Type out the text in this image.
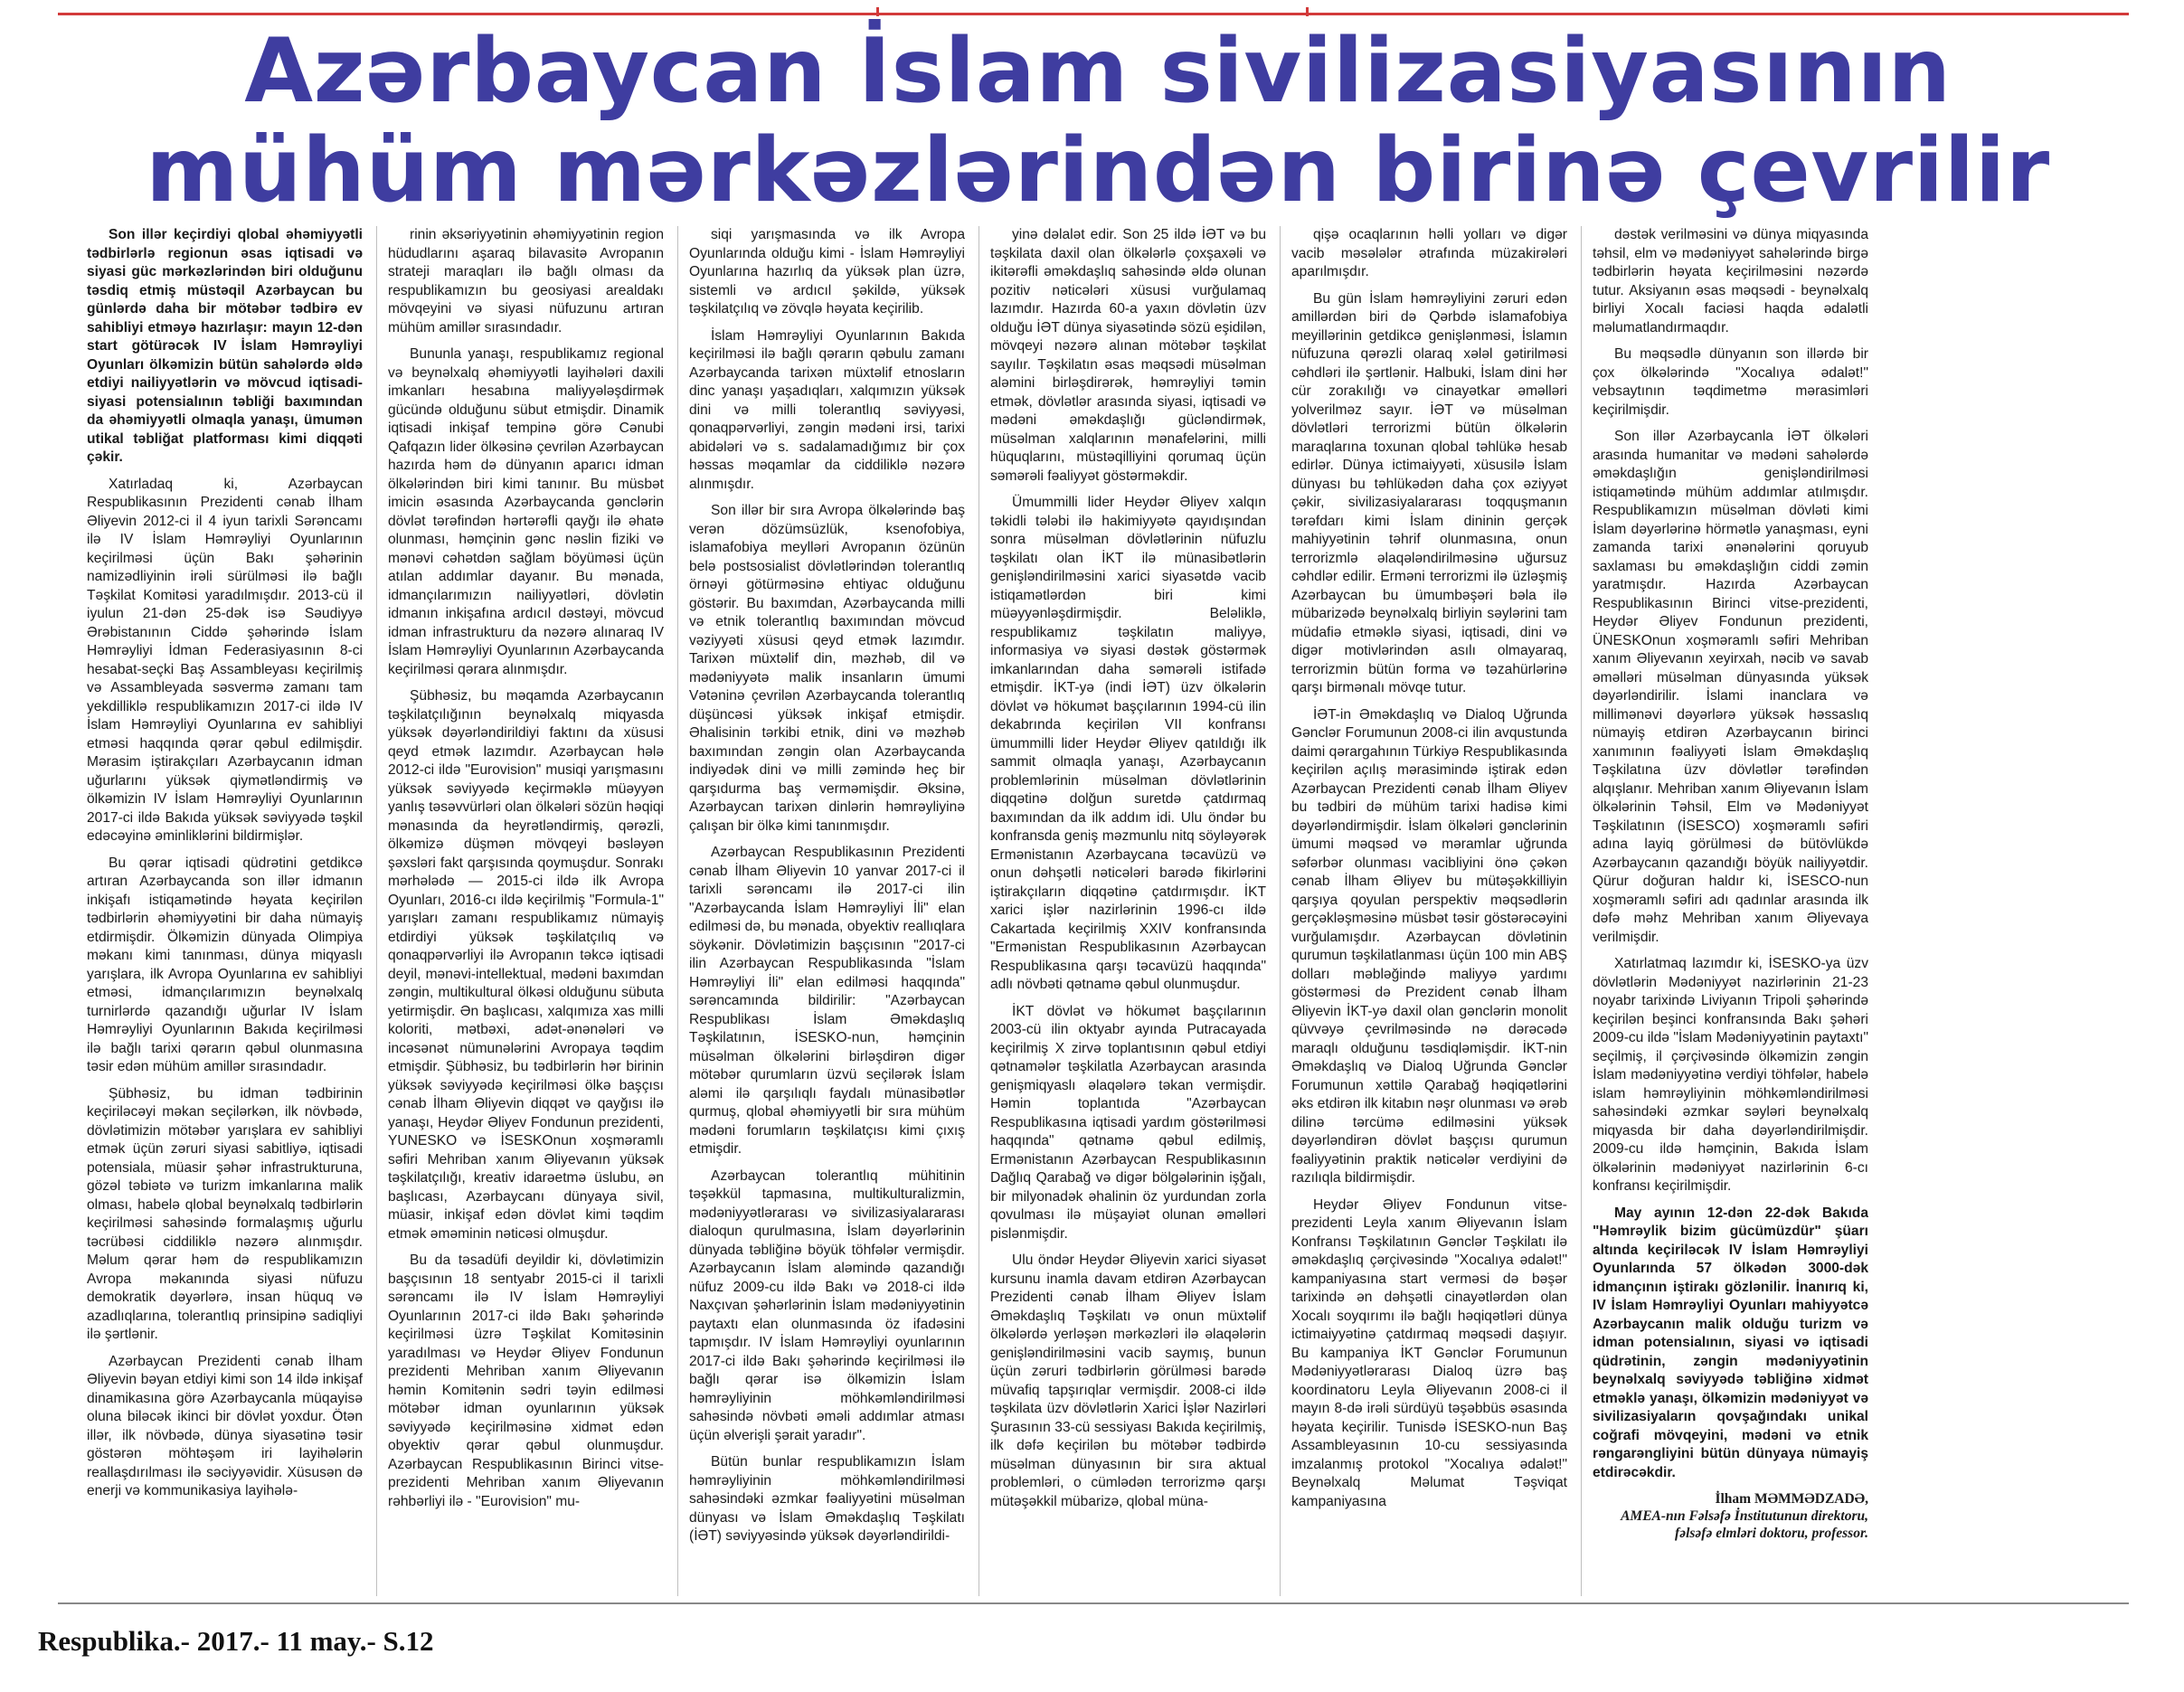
Azərbaycan İslam sivilizasiyasının
mühüm mərkəzlərindən birinə çevrilir

Son illər keçirdiyi qlobal əhəmiyyətli tədbirlərlə regionun əsas iqtisadi və siyasi güc mərkəzlərindən biri olduğunu təsdiq etmiş müstəqil Azərbaycan bu günlərdə daha bir mötəbər tədbirə ev sahibliyi etməyə hazırlaşır: mayın 12-dən start götürəcək IV İslam Həmrəyliyi Oyunları ölkəmizin bütün sahələrdə əldə etdiyi nailiyyətlərin və mövcud iqtisadi-siyasi potensialının təbliği baxımından da əhəmiyyətli olmaqla yanaşı, ümumən utikal təbliğat platforması kimi diqqəti çəkir.

Xatırladaq ki, Azərbaycan Respublikasının Prezidenti cənab İlham Əliyevin 2012-ci il 4 iyun tarixli Sərəncamı ilə IV İslam Həmrəyliyi Oyunlarının keçirilməsi üçün Bakı şəhərinin namizədliyinin irəli sürülməsi ilə bağlı Təşkilat Komitəsi yaradılmışdır. 2013-cü il iyulun 21-dən 25-dək isə Səudiyyə Ərəbistanının Ciddə şəhərində İslam Həmrəyliyi İdman Federasiyasının 8-ci hesabat-seçki Baş Assambleyası keçirilmiş və Assambleyada səsvermə zamanı tam yekdilliklə respublikamızın 2017-ci ildə IV İslam Həmrəyliyi Oyunlarına ev sahibliyi etməsi haqqında qərar qəbul edilmişdir. Mərasim iştirakçıları Azərbaycanın idman uğurlarını yüksək qiymətləndirmiş və ölkəmizin IV İslam Həmrəyliyi Oyunlarının 2017-ci ildə Bakıda yüksək səviyyədə təşkil edəcəyinə əminliklərini bildirmişlər.

Bu qərar iqtisadi qüdrətini getdikcə artıran Azərbaycanda son illər idmanın inkişafı istiqamətində həyata keçirilən tədbirlərin əhəmiyyətini bir daha nümayiş etdirmişdir. Ölkəmizin dünyada Olimpiya məkanı kimi tanınması, dünya miqyaslı yarışlara, ilk Avropa Oyunlarına ev sahibliyi etməsi, idmançılarımızın beynəlxalq turnirlərdə qazandığı uğurlar IV İslam Həmrəyliyi Oyunlarının Bakıda keçirilməsi ilə bağlı tarixi qərarın qəbul olunmasına təsir edən mühüm amillər sırasındadır.

Şübhəsiz, bu idman tədbirinin keçiriləcəyi məkan seçilərkən, ilk növbədə, dövlətimizin mötəbər yarışlara ev sahibliyi etmək üçün zəruri siyasi sabitliyə, iqtisadi potensiala, müasir şəhər infrastrukturuna, gözəl təbiətə və turizm imkanlarına malik olması, habelə qlobal beynəlxalq tədbirlərin keçirilməsi sahəsində formalaşmış uğurlu təcrübəsi ciddiliklə nəzərə alınmışdır. Məlum qərar həm də respublikamızın Avropa məkanında siyasi nüfuzu demokratik dəyərlərə, insan hüquq və azadlıqlarına, tolerantlıq prinsipinə sadiqliyi ilə şərtlənir.

Azərbaycan Prezidenti cənab İlham Əliyevin bəyan etdiyi kimi son 14 ildə inkişaf dinamikasına görə Azərbaycanla müqayisə oluna biləcək ikinci bir dövlət yoxdur. Ötən illər, ilk növbədə, dünya siyasətinə təsir göstərən möhtəşəm iri layihələrin reallaşdırılması ilə səciyyəvidir. Xüsusən də enerji və kommunikasiya layihələ-

rinin əksəriyyətinin əhəmiyyətinin region hüdudlarını aşaraq bilavasitə Avropanın strateji maraqları ilə bağlı olması da respublikamızın bu geosiyasi arealdakı mövqeyini və siyasi nüfuzunu artıran mühüm amillər sırasındadır.

Bununla yanaşı, respublikamız regional və beynəlxalq əhəmiyyətli layihələri daxili imkanları hesabına maliyyələşdirmək gücündə olduğunu sübut etmişdir. Dinamik iqtisadi inkişaf tempinə görə Cənubi Qafqazın lider ölkəsinə çevrilən Azərbaycan hazırda həm də dünyanın aparıcı idman ölkələrindən biri kimi tanınır. Bu müsbət imicin əsasında Azərbaycanda gənclərin dövlət tərəfindən hərtərəfli qayğı ilə əhatə olunması, həmçinin gənc nəslin fiziki və mənəvi cəhətdən sağlam böyüməsi üçün atılan addımlar dayanır. Bu mənada, idmançılarımızın nailiyyətləri, dövlətin idmanın inkişafına ardıcıl dəstəyi, mövcud idman infrastrukturu da nəzərə alınaraq IV İslam Həmrəyliyi Oyunlarının Azərbaycanda keçirilməsi qərara alınmışdır.

Şübhəsiz, bu məqamda Azərbaycanın təşkilatçılığının beynəlxalq miqyasda yüksək dəyərləndirildiyi faktını da xüsusi qeyd etmək lazımdır. Azərbaycan hələ 2012-ci ildə "Eurovision" musiqi yarışmasını yüksək səviyyədə keçirməklə müəyyən yanlış təsəvvürləri olan ölkələri sözün həqiqi mənasında da heyrətləndirmiş, qərəzli, ölkəmizə düşmən mövqeyi bəsləyən şəxsləri fakt qarşısında qoymuşdur. Sonrakı mərhələdə — 2015-ci ildə ilk Avropa Oyunları, 2016-cı ildə keçirilmiş "Formula-1" yarışları zamanı respublikamız nümayiş etdirdiyi yüksək təşkilatçılıq və qonaqpərvərliyi ilə Avropanın təkcə iqtisadi deyil, mənəvi-intellektual, mədəni baxımdan zəngin, multikultural ölkəsi olduğunu sübuta yetirmişdir. Ən başlıcası, xalqımıza xas milli koloriti, mətbəxi, adət-ənənələri və incəsənət nümunələrini Avropaya təqdim etmişdir. Şübhəsiz, bu tədbirlərin hər birinin yüksək səviyyədə keçirilməsi ölkə başçısı cənab İlham Əliyevin diqqət və qayğısı ilə yanaşı, Heydər Əliyev Fondunun prezidenti, YUNESKO və İSESKOnun xoşməramlı səfiri Mehriban xanım Əliyevanın yüksək təşkilatçılığı, kreativ idarəetmə üslubu, ən başlıcası, Azərbaycanı dünyaya sivil, müasir, inkişaf edən dövlət kimi təqdim etmək əməminin nəticəsi olmuşdur.

Bu da təsadüfi deyildir ki, dövlətimizin başçısının 18 sentyabr 2015-ci il tarixli sərəncamı ilə IV İslam Həmrəyliyi Oyunlarının 2017-ci ildə Bakı şəhərində keçirilməsi üzrə Təşkilat Komitəsinin yaradılması və Heydər Əliyev Fondunun prezidenti Mehriban xanım Əliyevanın həmin Komitənin sədri təyin edilməsi mötəbər idman oyunlarının yüksək səviyyədə keçirilməsinə xidmət edən obyektiv qərar qəbul olunmuşdur. Azərbaycan Respublikasının Birinci vitse-prezidenti Mehriban xanım Əliyevanın rəhbərliyi ilə - "Eurovision" mu-

siqi yarışmasında və ilk Avropa Oyunlarında olduğu kimi - İslam Həmrəyliyi Oyunlarına hazırlıq da yüksək plan üzrə, sistemli və ardıcıl şəkildə, yüksək təşkilatçılıq və zövqlə həyata keçirilib.

İslam Həmrəyliyi Oyunlarının Bakıda keçirilməsi ilə bağlı qərarın qəbulu zamanı Azərbaycanda tarixən müxtəlif etnosların dinc yanaşı yaşadıqları, xalqımızın yüksək dini və milli tolerantlıq səviyyəsi, qonaqpərvərliyi, zəngin mədəni irsi, tarixi abidələri və s. sadalamadığımız bir çox həssas məqamlar da ciddiliklə nəzərə alınmışdır.

Son illər bir sıra Avropa ölkələrində baş verən dözümsüzlük, ksenofobiya, islamafobiya meylləri Avropanın özünün belə postsosialist dövlətlərindən tolerantlıq örnəyi götürməsinə ehtiyac olduğunu göstərir. Bu baxımdan, Azərbaycanda milli və etnik tolerantlıq baxımından mövcud vəziyyəti xüsusi qeyd etmək lazımdır. Tarixən müxtəlif din, məzhəb, dil və mədəniyyətə malik insanların ümumi Vətəninə çevrilən Azərbaycanda tolerantlıq düşüncəsi yüksək inkişaf etmişdir. Əhalisinin tərkibi etnik, dini və məzhəb baxımından zəngin olan Azərbaycanda indiyədək dini və milli zəmində heç bir qarşıdurma baş verməmişdir. Əksinə, Azərbaycan tarixən dinlərin həmrəyliyinə çalışan bir ölkə kimi tanınmışdır.

Azərbaycan Respublikasının Prezidenti cənab İlham Əliyevin 10 yanvar 2017-ci il tarixli sərəncamı ilə 2017-ci ilin "Azərbaycanda İslam Həmrəyliyi İli" elan edilməsi də, bu mənada, obyektiv reallıqlara söykənir. Dövlətimizin başçısının "2017-ci ilin Azərbaycan Respublikasında "İslam Həmrəyliyi İli" elan edilməsi haqqında" sərəncamında bildirilir: "Azərbaycan Respublikası İslam Əməkdaşlıq Təşkilatının, İSESKO-nun, həmçinin müsəlman ölkələrini birləşdirən digər mötəbər qurumların üzvü seçilərək İslam aləmi ilə qarşılıqlı faydalı münasibətlər qurmuş, qlobal əhəmiyyətli bir sıra mühüm mədəni forumların təşkilatçısı kimi çıxış etmişdir.

Azərbaycan tolerantlıq mühitinin təşəkkül tapmasına, multikulturalizmin, mədəniyyətlərarası və sivilizasiyalararası dialoqun qurulmasına, İslam dəyərlərinin dünyada təbliğinə böyük töhfələr vermişdir. Azərbaycanın İslam aləmində qazandığı nüfuz 2009-cu ildə Bakı və 2018-ci ildə Naxçıvan şəhərlərinin İslam mədəniyyətinin paytaxtı elan olunmasında öz ifadəsini tapmışdır. IV İslam Həmrəyliyi oyunlarının 2017-ci ildə Bakı şəhərində keçirilməsi ilə bağlı qərar isə ölkəmizin İslam həmrəyliyinin möhkəmləndirilməsi sahəsində növbəti əməli addımlar atması üçün əlverişli şərait yaradır".

Bütün bunlar respublikamızın İslam həmrəyliyinin möhkəmləndirilməsi sahəsindəki əzmkar fəaliyyətini müsəlman dünyası və İslam Əməkdaşlıq Təşkilatı (İƏT) səviyyəsində yüksək dəyərləndirildi-

yinə dəlalət edir. Son 25 ildə İƏT və bu təşkilata daxil olan ölkələrlə çoxşaxəli və ikitərəfli əməkdaşlıq sahəsində əldə olunan pozitiv nəticələri xüsusi vurğulamaq lazımdır. Hazırda 60-a yaxın dövlətin üzv olduğu İƏT dünya siyasətində sözü eşidilən, mövqeyi nəzərə alınan mötəbər təşkilat sayılır. Təşkilatın əsas məqsədi müsəlman aləmini birləşdirərək, həmrəyliyi təmin etmək, dövlətlər arasında siyasi, iqtisadi və mədəni əməkdaşlığı gücləndirmək, müsəlman xalqlarının mənafelərini, milli hüquqlarını, müstəqilliyini qorumaq üçün səmərəli fəaliyyət göstərməkdir.

Ümummilli lider Heydər Əliyev xalqın təkidli tələbi ilə hakimiyyətə qayıdışından sonra müsəlman dövlətlərinin nüfuzlu təşkilatı olan İKT ilə münasibətlərin genişləndirilməsini xarici siyasətdə vacib istiqamətlərdən biri kimi müəyyənləşdirmişdir. Beləliklə, respublikamız təşkilatın maliyyə, informasiya və siyasi dəstək göstərmək imkanlarından daha səmərəli istifadə etmişdir. İKT-yə (indi İƏT) üzv ölkələrin dövlət və hökumət başçılarının 1994-cü ilin dekabrında keçirilən VII konfransı ümummilli lider Heydər Əliyev qatıldığı ilk sammit olmaqla yanaşı, Azərbaycanın problemlərinin müsəlman dövlətlərinin diqqətinə dolğun suretdə çatdırmaq baxımından da ilk addım idi. Ulu öndər bu konfransda geniş məzmunlu nitq söyləyərək Ermənistanın Azərbaycana təcavüzü və onun dəhşətli nəticələri barədə fikirlərini iştirakçıların diqqətinə çatdırmışdır. İKT xarici işlər nazirlərinin 1996-cı ildə Cakartada keçirilmiş XXIV konfransında "Ermənistan Respublikasının Azərbaycan Respublikasına qarşı təcavüzü haqqında" adlı növbəti qətnamə qəbul olunmuşdur.

İKT dövlət və hökumət başçılarının 2003-cü ilin oktyabr ayında Putracayada keçirilmiş X zirvə toplantısının qəbul etdiyi qətnamələr təşkilatla Azərbaycan arasında genişmiqyaslı əlaqələrə təkan vermişdir. Həmin toplantıda "Azərbaycan Respublikasına iqtisadi yardım göstərilməsi haqqında" qətnamə qəbul edilmiş, Ermənistanın Azərbaycan Respublikasının Dağlıq Qarabağ və digər bölgələrinin işğalı, bir milyonadək əhalinin öz yurdundan zorla qovulması ilə müşayiət olunan əməlləri pislənmişdir.

Ulu öndər Heydər Əliyevin xarici siyasət kursunu inamla davam etdirən Azərbaycan Prezidenti cənab İlham Əliyev İslam Əməkdaşlıq Təşkilatı və onun müxtəlif ölkələrdə yerləşən mərkəzləri ilə əlaqələrin genişləndirilməsini vacib saymış, bunun üçün zəruri tədbirlərin görülməsi barədə müvafiq tapşırıqlar vermişdir. 2008-ci ildə təşkilata üzv dövlətlərin Xarici İşlər Nazirləri Şurasının 33-cü sessiyası Bakıda keçirilmiş, ilk dəfə keçirilən bu mötəbər tədbirdə müsəlman dünyasının bir sıra aktual problemləri, o cümlədən terrorizmə qarşı mütəşəkkil mübarizə, qlobal müna-

qişə ocaqlarının həlli yolları və digər vacib məsələlər ətrafında müzakirələri aparılmışdır.

Bu gün İslam həmrəyliyini zəruri edən amillərdən biri də Qərbdə islamafobiya meyillərinin getdikcə genişlənməsi, İslamın nüfuzuna qərəzli olaraq xələl gətirilməsi cəhdləri ilə şərtlənir. Halbuki, İslam dini hər cür zorakılığı və cinayətkar əməlləri yolverilməz sayır. İƏT və müsəlman dövlətləri terrorizmi bütün ölkələrin maraqlarına toxunan qlobal təhlükə hesab edirlər. Dünya ictimaiyyəti, xüsusilə İslam dünyası bu təhlükədən daha çox əziyyət çəkir, sivilizasiyalararası toqquşmanın tərəfdarı kimi İslam dininin gerçək mahiyyətinin təhrif olunmasına, onun terrorizmlə əlaqələndirilməsinə uğursuz cəhdlər edilir. Erməni terrorizmi ilə üzləşmiş Azərbaycan bu ümumbəşəri bəla ilə mübarizədə beynəlxalq birliyin səylərini tam müdafiə etməklə siyasi, iqtisadi, dini və digər motivlərindən asılı olmayaraq, terrorizmin bütün forma və təzahürlərinə qarşı birmənalı mövqe tutur.

İƏT-in Əməkdaşlıq və Dialoq Uğrunda Gənclər Forumunun 2008-ci ilin avqustunda daimi qərargahının Türkiyə Respublikasında keçirilən açılış mərasimində iştirak edən Azərbaycan Prezidenti cənab İlham Əliyev bu tədbiri də mühüm tarixi hadisə kimi dəyərləndirmişdir. İslam ölkələri gənclərinin ümumi məqsəd və məramlar uğrunda səfərbər olunması vacibliyini önə çəkən cənab İlham Əliyev bu mütəşəkkilliyin qarşıya qoyulan perspektiv məqsədlərin gerçəkləşməsinə müsbət təsir göstərəcəyini vurğulamışdır. Azərbaycan dövlətinin qurumun təşkilatlanması üçün 100 min ABŞ dolları məbləğində maliyyə yardımı göstərməsi də Prezident cənab İlham Əliyevin İKT-yə daxil olan gənclərin monolit qüvvəyə çevrilməsində nə dərəcədə maraqlı olduğunu təsdiqləmişdir. İKT-nin Əməkdaşlıq və Dialoq Uğrunda Gənclər Forumunun xəttilə Qarabağ həqiqətlərini əks etdirən ilk kitabın nəşr olunması və ərəb dilinə tərcümə edilməsini yüksək dəyərləndirən dövlət başçısı qurumun fəaliyyətinin praktik nəticələr verdiyini də razılıqla bildirmişdir.

Heydər Əliyev Fondunun vitse-prezidenti Leyla xanım Əliyevanın İslam Konfransı Təşkilatının Gənclər Təşkilatı ilə əməkdaşlıq çərçivəsində "Xocalıya ədalət!" kampaniyasına start verməsi də bəşər tarixində ən dəhşətli cinayətlərdən olan Xocalı soyqırımı ilə bağlı həqiqətləri dünya ictimaiyyətinə çatdırmaq məqsədi daşıyır. Bu kampaniya İKT Gənclər Forumunun Mədəniyyətlərarası Dialoq üzrə baş koordinatoru Leyla Əliyevanın 2008-ci il mayın 8-də irəli sürdüyü təşəbbüs əsasında həyata keçirilir. Tunisdə İSESKO-nun Baş Assambleyasının 10-cu sessiyasında imzalanmış protokol "Xocalıya ədalət!" Beynəlxalq Məlumat Təşviqat kampaniyasına

dəstək verilməsini və dünya miqyasında təhsil, elm və mədəniyyət sahələrində birgə tədbirlərin həyata keçirilməsini nəzərdə tutur. Aksiyanın əsas məqsədi - beynəlxalq birliyi Xocalı faciəsi haqda ədalətli məlumatlandırmaqdır.

Bu məqsədlə dünyanın son illərdə bir çox ölkələrində "Xocalıya ədalət!" vebsaytının təqdimetmə mərasimləri keçirilmişdir.

Son illər Azərbaycanla İƏT ölkələri arasında humanitar və mədəni sahələrdə əməkdaşlığın genişləndirilməsi istiqamətində mühüm addımlar atılmışdır. Respublikamızın müsəlman dövləti kimi İslam dəyərlərinə hörmətlə yanaşması, eyni zamanda tarixi ənənələrini qoruyub saxlaması bu əməkdaşlığın ciddi zəmin yaratmışdır. Hazırda Azərbaycan Respublikasının Birinci vitse-prezidenti, Heydər Əliyev Fondunun prezidenti, ÜNESKOnun xoşməramlı səfiri Mehriban xanım Əliyevanın xeyirxah, nəcib və savab əməlləri müsəlman dünyasında yüksək dəyərləndirilir. İslami inanclara və millimənəvi dəyərlərə yüksək həssaslıq nümayiş etdirən Azərbaycanın birinci xanımının fəaliyyəti İslam Əməkdaşlıq Təşkilatına üzv dövlətlər tərəfindən alqışlanır. Mehriban xanım Əliyevanın İslam ölkələrinin Təhsil, Elm və Mədəniyyət Təşkilatının (İSESCO) xoşməramlı səfiri adına layiq görülməsi də bütövlükdə Azərbaycanın qazandığı böyük nailiyyətdir. Qürur doğuran haldır ki, İSESCO-nun xoşməramlı səfiri adı qadınlar arasında ilk dəfə məhz Mehriban xanım Əliyevaya verilmişdir.

Xatırlatmaq lazımdır ki, İSESKO-ya üzv dövlətlərin Mədəniyyət nazirlərinin 21-23 noyabr tarixində Liviyanın Tripoli şəhərində keçirilən beşinci konfransında Bakı şəhəri 2009-cu ildə "İslam Mədəniyyətinin paytaxtı" seçilmiş, il çərçivəsində ölkəmizin zəngin İslam mədəniyyətinə verdiyi töhfələr, habelə islam həmrəyliyinin möhkəmləndirilməsi sahəsindəki əzmkar səyləri beynəlxalq miqyasda bir daha dəyərləndirilmişdir. 2009-cu ildə həmçinin, Bakıda İslam ölkələrinin mədəniyyət nazirlərinin 6-cı konfransı keçirilmişdir.

May ayının 12-dən 22-dək Bakıda "Həmrəylik bizim gücümüzdür" şüarı altında keçiriləcək IV İslam Həmrəyliyi Oyunlarında 57 ölkədən 3000-dək idmançının iştirakı gözlənilir. İnanırıq ki, IV İslam Həmrəyliyi Oyunları mahiyyətcə Azərbaycanın malik olduğu turizm və idman potensialının, siyasi və iqtisadi qüdrətinin, zəngin mədəniyyətinin beynəlxalq səviyyədə təbliğinə xidmət etməklə yanaşı, ölkəmizin mədəniyyət və sivilizasiyaların qovşağındakı unikal coğrafi mövqeyini, mədəni və etnik rəngarəngliyini bütün dünyaya nümayiş etdirəcəkdir.

İlham MƏMMƏDZADƏ,
AMEA-nın Fəlsəfə İnstitutunun direktoru,
fəlsəfə elmləri doktoru, professor.

Respublika.- 2017.- 11 may.- S.12
